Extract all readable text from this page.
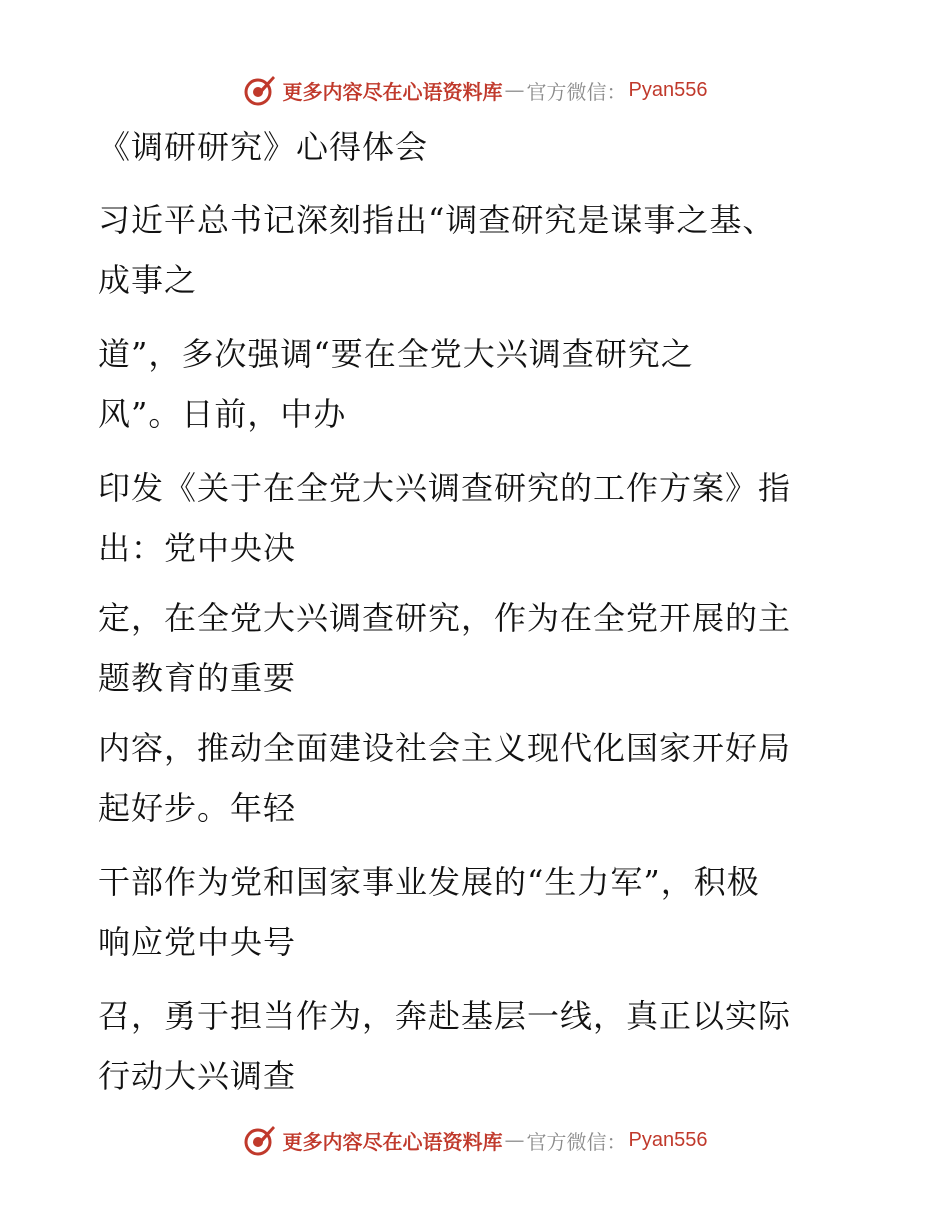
更多内容尽在心语资料库 — 官方微信： Pyan556
《调研研究》心得体会
习近平总书记深刻指出“调查研究是谋事之基、
成事之
道”，多次强调“要在全党大兴调查研究之
风”。日前，中办
印发《关于在全党大兴调查研究的工作方案》指
出：党中央决
定，在全党大兴调查研究，作为在全党开展的主
题教育的重要
内容，推动全面建设社会主义现代化国家开好局
起好步。年轻
干部作为党和国家事业发展的“生力军”，积极
响应党中央号
召，勇于担当作为，奔赴基层一线，真正以实际
行动大兴调查
更多内容尽在心语资料库 — 官方微信： Pyan556
